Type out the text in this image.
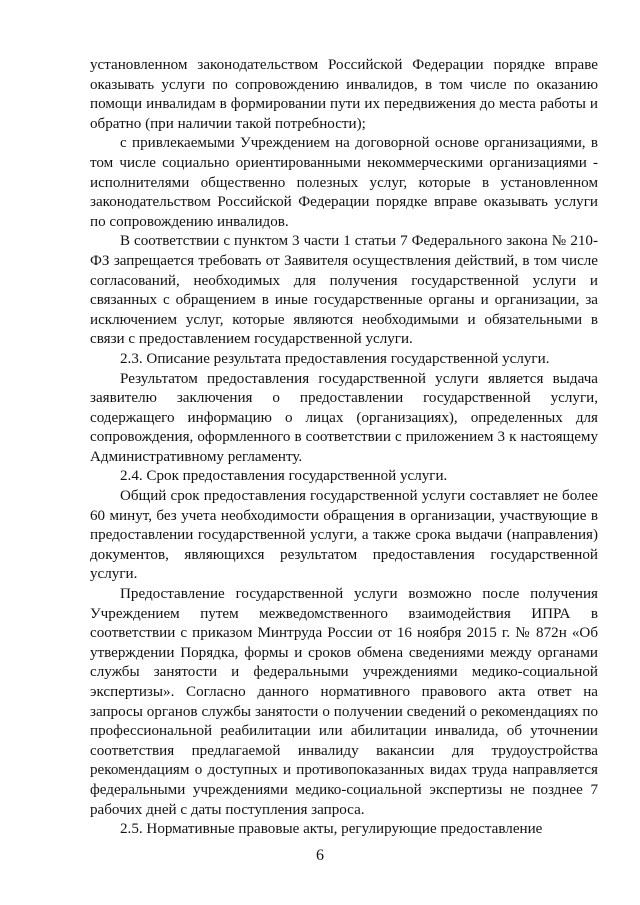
установленном законодательством Российской Федерации порядке вправе оказывать услуги по сопровождению инвалидов, в том числе по оказанию помощи инвалидам в формировании пути их передвижения до места работы и обратно (при наличии такой потребности);

с привлекаемыми Учреждением на договорной основе организациями, в том числе социально ориентированными некоммерческими организациями - исполнителями общественно полезных услуг, которые в установленном законодательством Российской Федерации порядке вправе оказывать услуги по сопровождению инвалидов.

В соответствии с пунктом 3 части 1 статьи 7 Федерального закона № 210-ФЗ запрещается требовать от Заявителя осуществления действий, в том числе согласований, необходимых для получения государственной услуги и связанных с обращением в иные государственные органы и организации, за исключением услуг, которые являются необходимыми и обязательными в связи с предоставлением государственной услуги.

2.3. Описание результата предоставления государственной услуги.

Результатом предоставления государственной услуги является выдача заявителю заключения о предоставлении государственной услуги, содержащего информацию о лицах (организациях), определенных для сопровождения, оформленного в соответствии с приложением 3 к настоящему Административному регламенту.

2.4. Срок предоставления государственной услуги.

Общий срок предоставления государственной услуги составляет не более 60 минут, без учета необходимости обращения в организации, участвующие в предоставлении государственной услуги, а также срока выдачи (направления) документов, являющихся результатом предоставления государственной услуги.

Предоставление государственной услуги возможно после получения Учреждением путем межведомственного взаимодействия ИПРА в соответствии с приказом Минтруда России от 16 ноября 2015 г. № 872н «Об утверждении Порядка, формы и сроков обмена сведениями между органами службы занятости и федеральными учреждениями медико-социальной экспертизы». Согласно данного нормативного правового акта ответ на запросы органов службы занятости о получении сведений о рекомендациях по профессиональной реабилитации или абилитации инвалида, об уточнении соответствия предлагаемой инвалиду вакансии для трудоустройства рекомендациям о доступных и противопоказанных видах труда направляется федеральными учреждениями медико-социальной экспертизы не позднее 7 рабочих дней с даты поступления запроса.

2.5. Нормативные правовые акты, регулирующие предоставление

6
